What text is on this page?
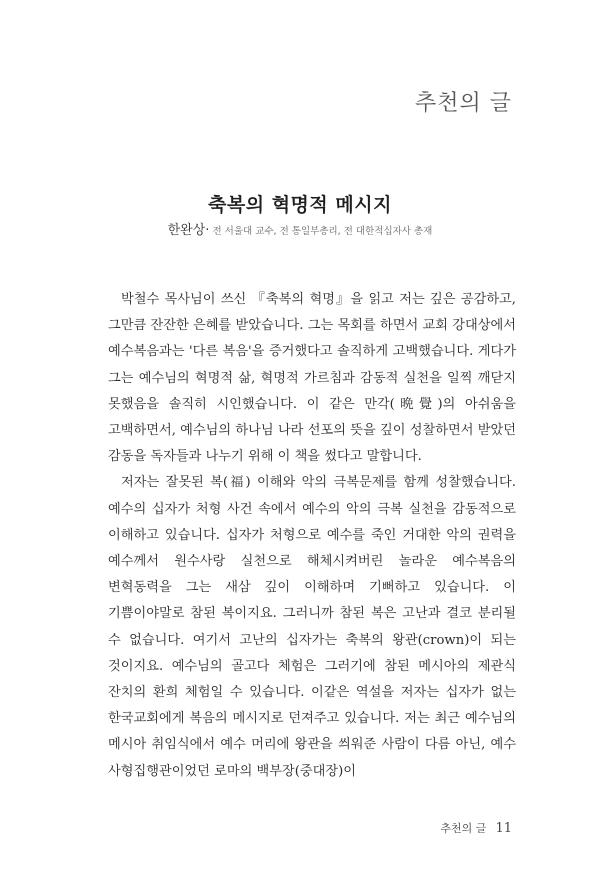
추천의 글
축복의 혁명적 메시지
한완상· 전 서울대 교수, 전 통일부총리, 전 대한적십자사 총재

박철수 목사님이 쓰신 『축복의 혁명』을 읽고 저는 깊은 공감하고, 그만큼 잔잔한 은혜를 받았습니다. 그는 목회를 하면서 교회 강대상에서 예수복음과는 '다른 복음'을 증거했다고 솔직하게 고백했습니다. 게다가 그는 예수님의 혁명적 삶, 혁명적 가르침과 감동적 실천을 일찍 깨닫지 못했음을 솔직히 시인했습니다. 이 같은 만각(晩覺)의 아쉬움을 고백하면서, 예수님의 하나님 나라 선포의 뜻을 깊이 성찰하면서 받았던 감동을 독자들과 나누기 위해 이 책을 썼다고 말합니다.

저자는 잘못된 복(福) 이해와 악의 극복문제를 함께 성찰했습니다. 예수의 십자가 처형 사건 속에서 예수의 악의 극복 실천을 감동적으로 이해하고 있습니다. 십자가 처형으로 예수를 죽인 거대한 악의 권력을 예수께서 원수사랑 실천으로 해체시켜버린 놀라운 예수복음의 변혁동력을 그는 새삼 깊이 이해하며 기뻐하고 있습니다. 이 기쁨이야말로 참된 복이지요. 그러니까 참된 복은 고난과 결코 분리될 수 없습니다. 여기서 고난의 십자가는 축복의 왕관(crown)이 되는 것이지요. 예수님의 골고다 체험은 그러기에 참된 메시아의 제관식 잔치의 환희 체험일 수 있습니다. 이같은 역설을 저자는 십자가 없는 한국교회에게 복음의 메시지로 던져주고 있습니다. 저는 최근 예수님의 메시아 취임식에서 예수 머리에 왕관을 씌워준 사람이 다름 아닌, 예수 사형집행관이었던 로마의 백부장(중대장)이

추천의 글 11
